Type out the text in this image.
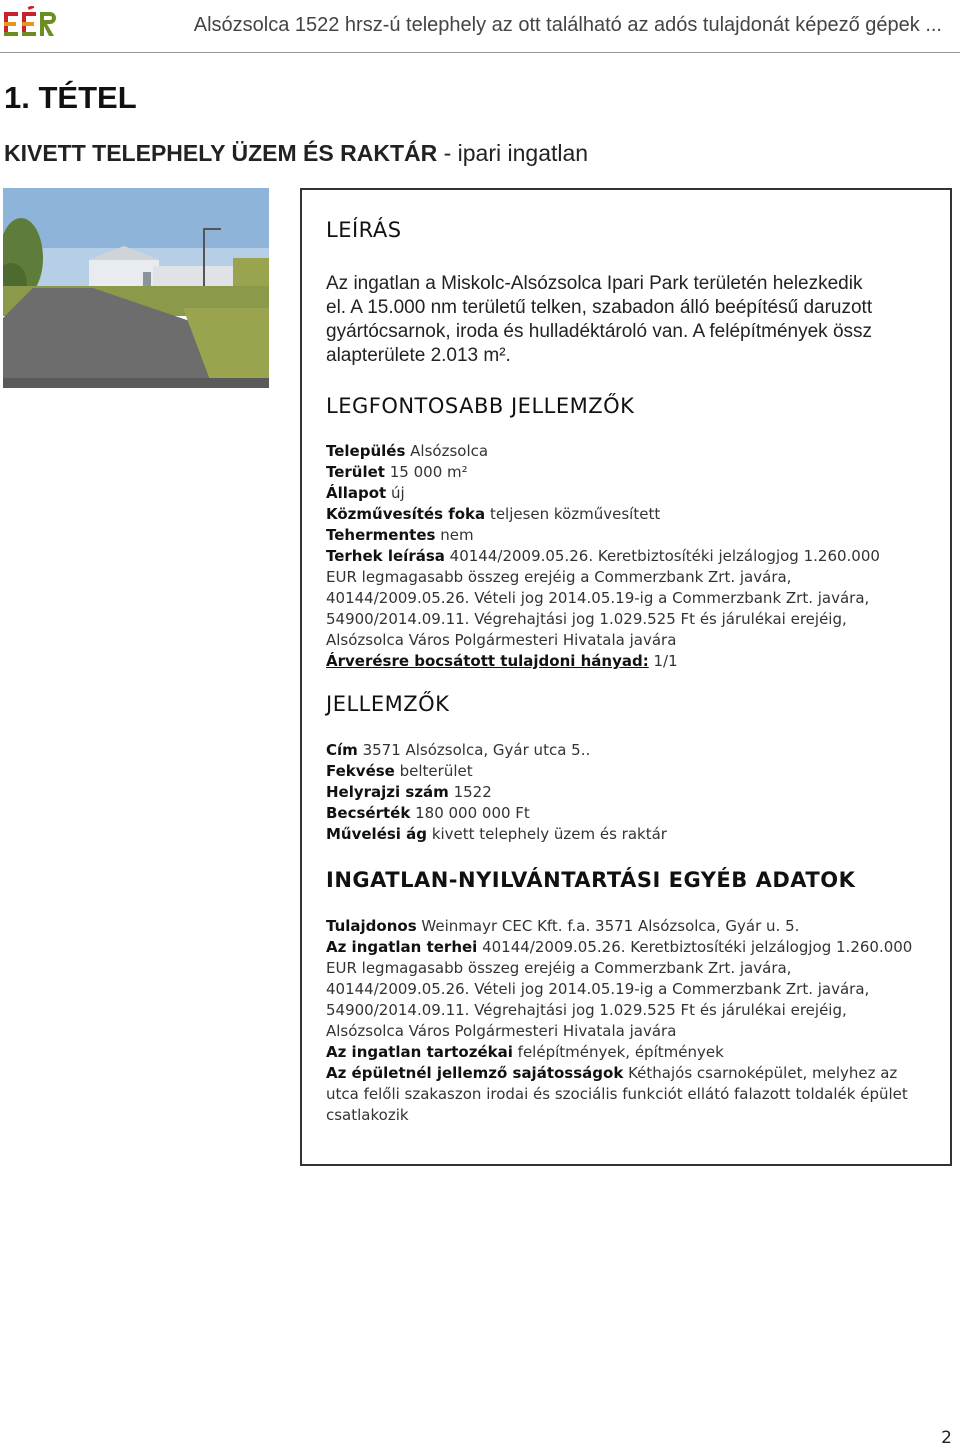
Alsózsolca 1522 hrsz-ú telephely az ott található az adós tulajdonát képező gépek ...
1. TÉTEL
KIVETT TELEPHELY ÜZEM ÉS RAKTÁR - ipari ingatlan
LEÍRÁS
Az ingatlan a Miskolc-Alsózsolca Ipari Park területén helezkedik el. A 15.000 nm területű telken, szabadon álló beépítésű daruzott gyártócsarnok, iroda és hulladéktároló van. A felépítmények össz alapterülete 2.013 m².
LEGFONTOSABB JELLEMZŐK

Település Alsózsolca

Terület 15 000 m²

Állapot új

Közművesítés foka teljesen közművesített

Tehermentes nem

Terhek leírása 40144/2009.05.26. Keretbiztosítéki jelzálogjog 1.260.000 EUR legmagasabb összeg erejéig a Commerzbank Zrt. javára, 40144/2009.05.26. Vételi jog 2014.05.19-ig a Commerzbank Zrt. javára, 54900/2014.09.11. Végrehajtási jog 1.029.525 Ft és járulékai erejéig, Alsózsolca Város Polgármesteri Hivatala javára

Árverésre bocsátott tulajdoni hányad: 1/1

JELLEMZŐK

Cím 3571 Alsózsolca, Gyár utca 5..

Fekvése belterület

Helyrajzi szám 1522

Becsérték 180 000 000 Ft

Művelési ág kivett telephely üzem és raktár

INGATLAN-NYILVÁNTARTÁSI EGYÉB ADATOK

Tulajdonos Weinmayr CEC Kft. f.a. 3571 Alsózsolca, Gyár u. 5.

Az ingatlan terhei 40144/2009.05.26. Keretbiztosítéki jelzálogjog 1.260.000 EUR legmagasabb összeg erejéig a Commerzbank Zrt. javára, 40144/2009.05.26. Vételi jog 2014.05.19-ig a Commerzbank Zrt. javára, 54900/2014.09.11. Végrehajtási jog 1.029.525 Ft és járulékai erejéig, Alsózsolca Város Polgármesteri Hivatala javára

Az ingatlan tartozékai felépítmények, építmények

Az épületnél jellemző sajátosságok Kéthajós csarnoképület, melyhez az utca felőli szakaszon irodai és szociális funkciót ellátó falazott toldalék épület csatlakozik

2
